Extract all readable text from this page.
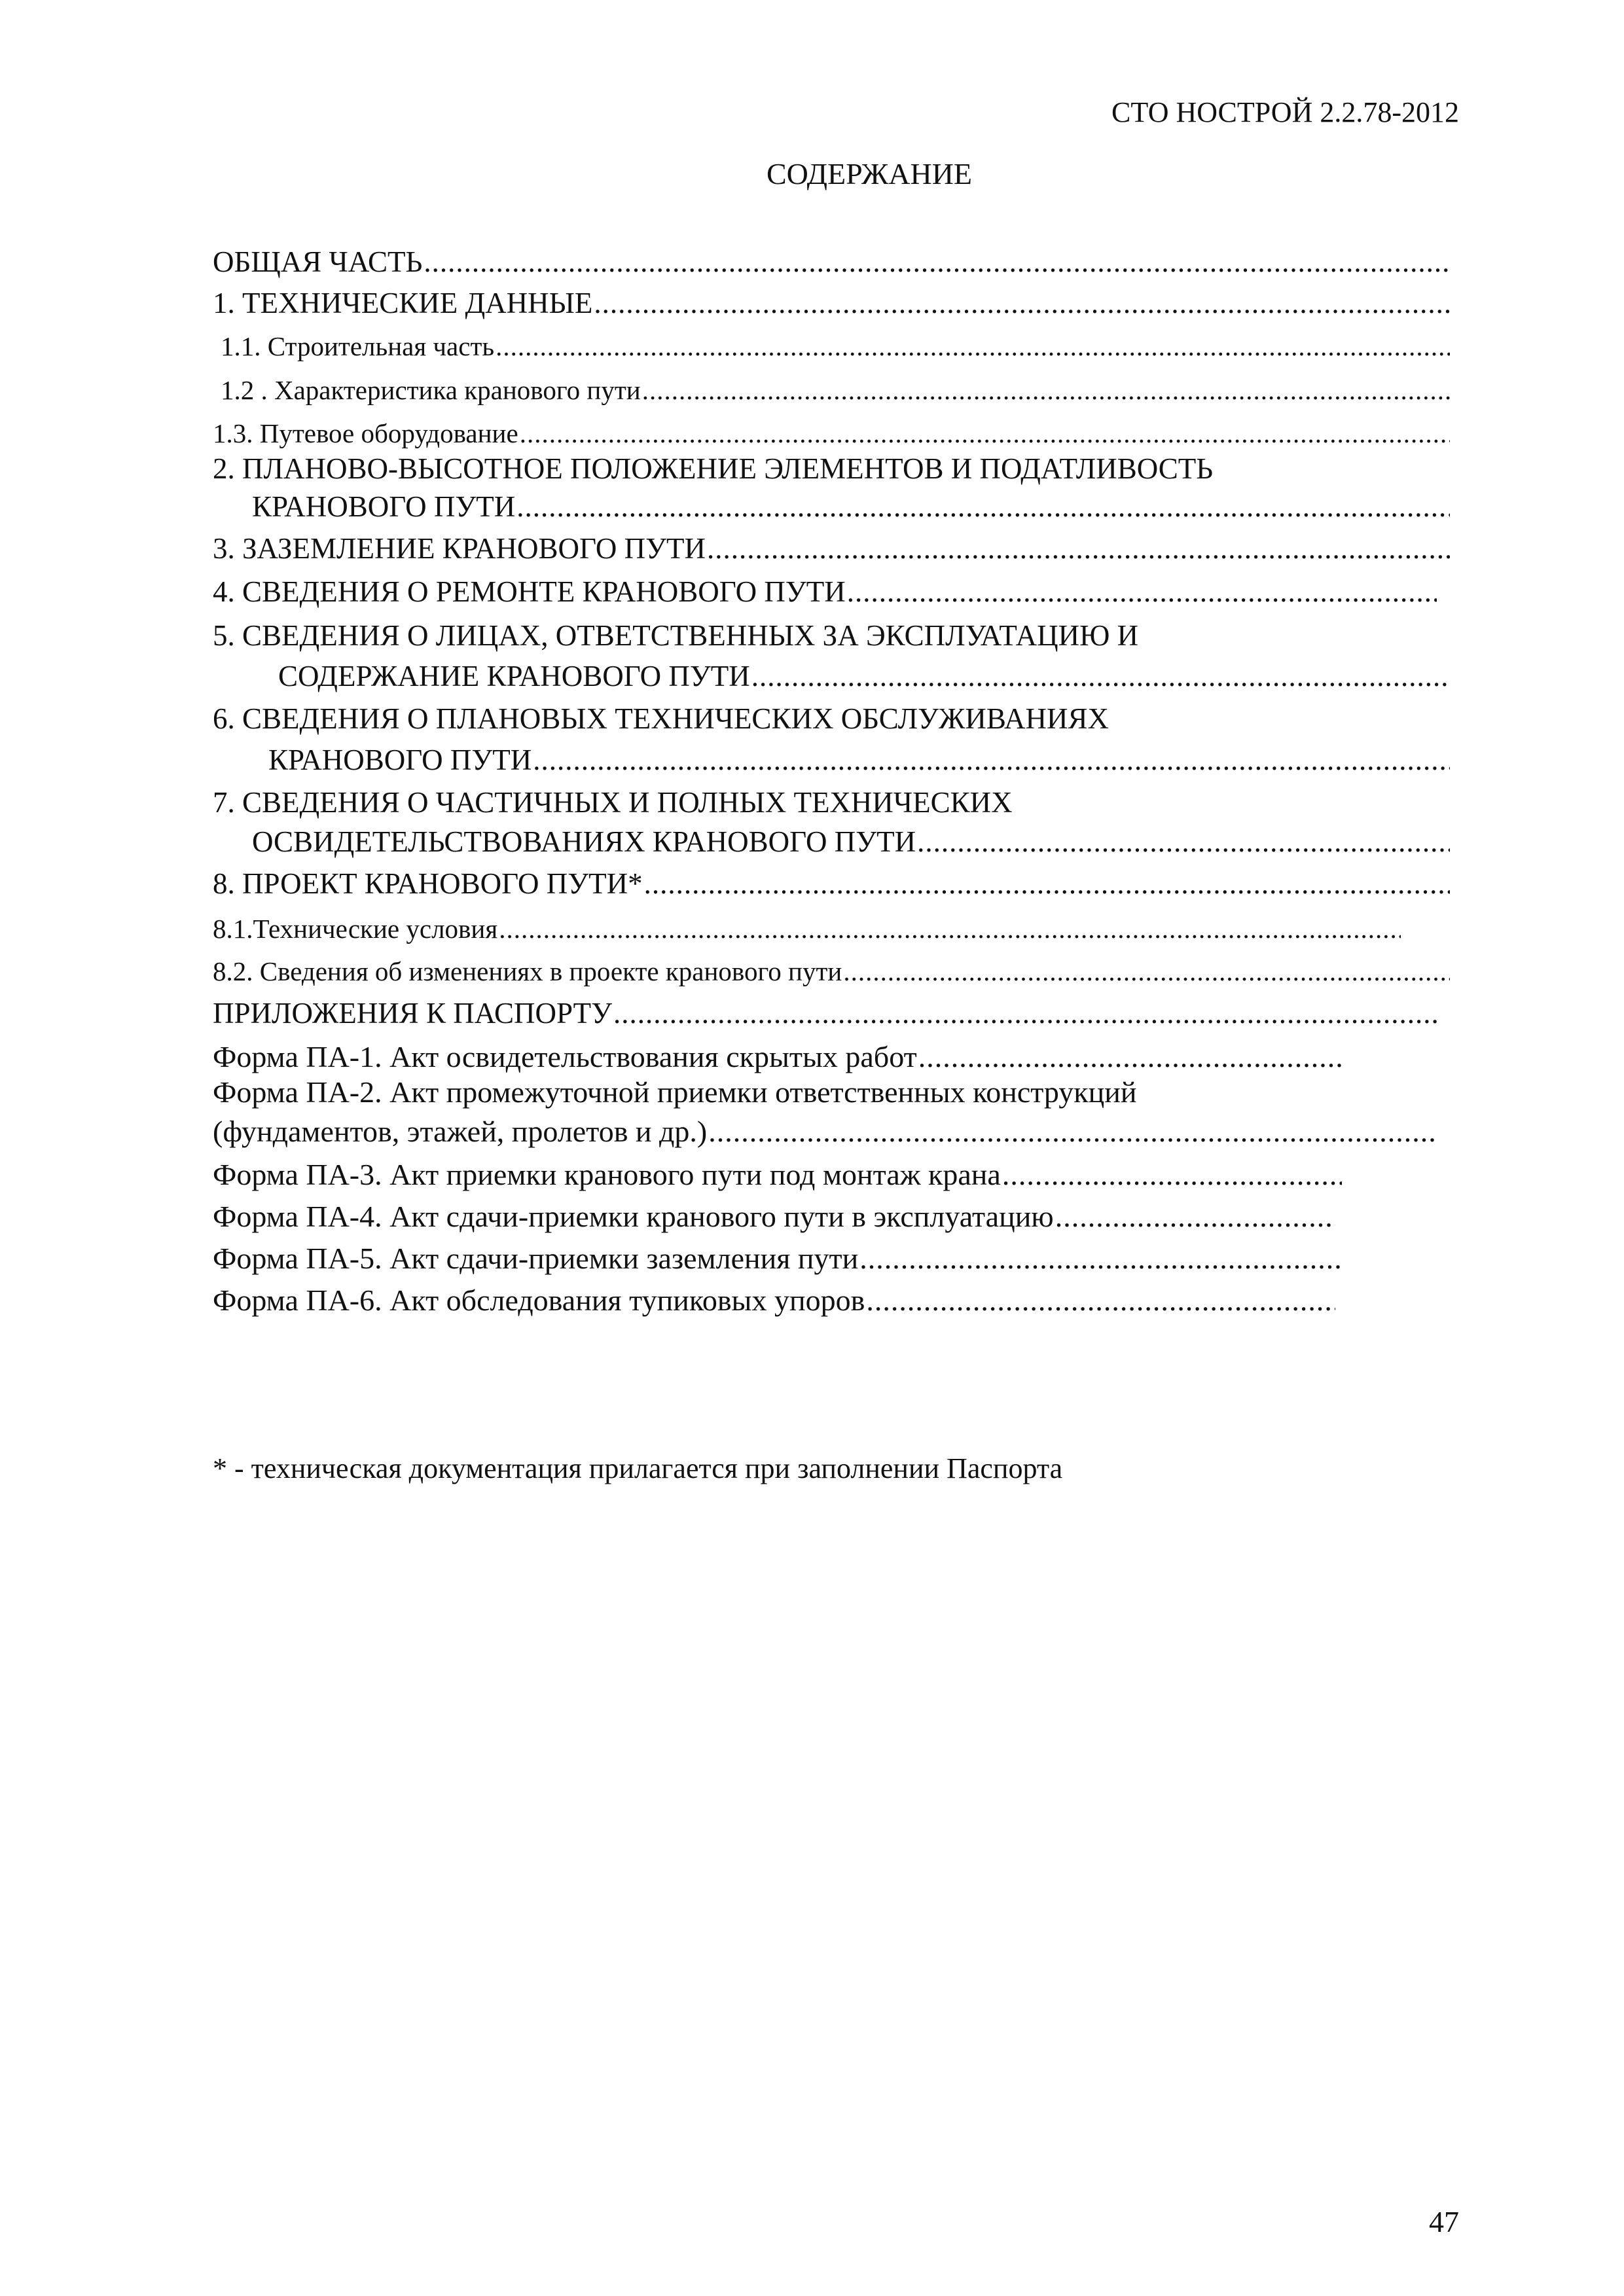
СТО НОСТРОЙ 2.2.78-2012
СОДЕРЖАНИЕ
ОБЩАЯ ЧАСТЬ
.....
1. ТЕХНИЧЕСКИЕ ДАННЫЕ
.....
1.1. Строительная часть
.....
1.2 . Характеристика кранового пути
.....
1.3. Путевое оборудование
.....
2. ПЛАНОВО-ВЫСОТНОЕ ПОЛОЖЕНИЕ ЭЛЕМЕНТОВ И ПОДАТЛИВОСТЬ
КРАНОВОГО ПУТИ
.....
3. ЗАЗЕМЛЕНИЕ КРАНОВОГО ПУТИ
.....
4. СВЕДЕНИЯ О РЕМОНТЕ КРАНОВОГО ПУТИ
.....
5. СВЕДЕНИЯ О ЛИЦАХ, ОТВЕТСТВЕННЫХ ЗА ЭКСПЛУАТАЦИЮ И
СОДЕРЖАНИЕ КРАНОВОГО ПУТИ
.....
6. СВЕДЕНИЯ О ПЛАНОВЫХ ТЕХНИЧЕСКИХ ОБСЛУЖИВАНИЯХ
КРАНОВОГО ПУТИ
.....
7. СВЕДЕНИЯ О ЧАСТИЧНЫХ И ПОЛНЫХ ТЕХНИЧЕСКИХ
ОСВИДЕТЕЛЬСТВОВАНИЯХ КРАНОВОГО ПУТИ
.....
8. ПРОЕКТ КРАНОВОГО ПУТИ*
.....
8.1.Технические условия
.....
8.2. Сведения об изменениях в проекте кранового пути
.....
ПРИЛОЖЕНИЯ К ПАСПОРТУ
.....
Форма ПА-1. Акт освидетельствования скрытых работ
.....
Форма ПА-2. Акт промежуточной приемки ответственных конструкций
(фундаментов, этажей, пролетов и др.)
.....
Форма ПА-3. Акт приемки кранового пути под монтаж крана
.....
Форма ПА-4. Акт сдачи-приемки кранового пути в эксплуатацию
.....
Форма ПА-5. Акт сдачи-приемки заземления пути
.....
Форма ПА-6. Акт обследования тупиковых упоров
.....
* - техническая документация прилагается при заполнении Паспорта
47
